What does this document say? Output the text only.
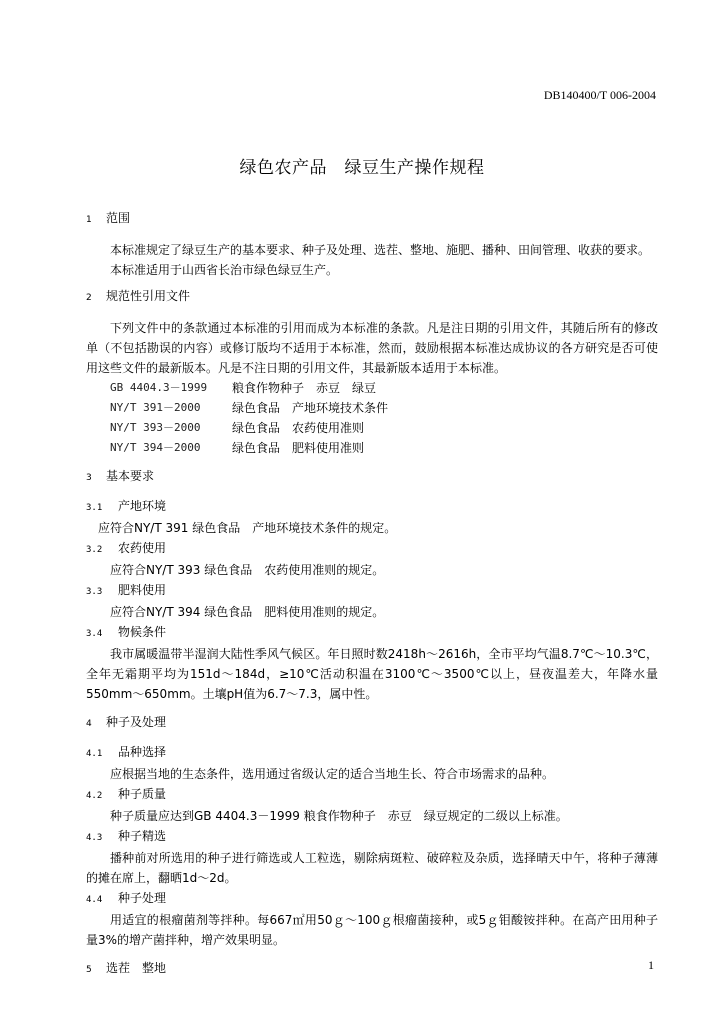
DB140400/T 006-2004
绿色农产品　绿豆生产操作规程
1 范围

本标准规定了绿豆生产的基本要求、种子及处理、选茬、整地、施肥、播种、田间管理、收获的要求。

本标准适用于山西省长治市绿色绿豆生产。

2 规范性引用文件

下列文件中的条款通过本标准的引用而成为本标准的条款。凡是注日期的引用文件，其随后所有的修改单（不包括勘误的内容）或修订版均不适用于本标准，然而，鼓励根据本标准达成协议的各方研究是否可使用这些文件的最新版本。凡是不注日期的引用文件，其最新版本适用于本标准。

GB 4404.3－1999	粮食作物种子　赤豆　绿豆
NY/T 391－2000	绿色食品　产地环境技术条件
NY/T 393－2000	绿色食品　农药使用准则
NY/T 394－2000	绿色食品　肥料使用准则
3 基本要求
3.1 产地环境

应符合NY/T 391 绿色食品　产地环境技术条件的规定。

3.2 农药使用

应符合NY/T 393 绿色食品　农药使用准则的规定。

3.3 肥料使用

应符合NY/T 394 绿色食品　肥料使用准则的规定。

3.4 物候条件

我市属暖温带半湿润大陆性季风气候区。年日照时数2418h～2616h，全市平均气温8.7℃～10.3℃，全年无霜期平均为151d～184d，≥10℃活动积温在3100℃～3500℃以上，昼夜温差大，年降水量550mm～650mm。土壤pH值为6.7～7.3，属中性。

4 种子及处理
4.1 品种选择

应根据当地的生态条件，选用通过省级认定的适合当地生长、符合市场需求的品种。

4.2 种子质量

种子质量应达到GB 4404.3－1999 粮食作物种子　赤豆　绿豆规定的二级以上标准。

4.3 种子精选

播种前对所选用的种子进行筛选或人工粒选，剔除病斑粒、破碎粒及杂质，选择晴天中午，将种子薄薄的摊在席上，翻晒1d～2d。

4.4 种子处理

用适宜的根瘤菌剂等拌种。每667㎡用50ｇ～100ｇ根瘤菌接种，或5ｇ钼酸铵拌种。在高产田用种子量3%的增产菌拌种，增产效果明显。

5 选茬　整地	1
